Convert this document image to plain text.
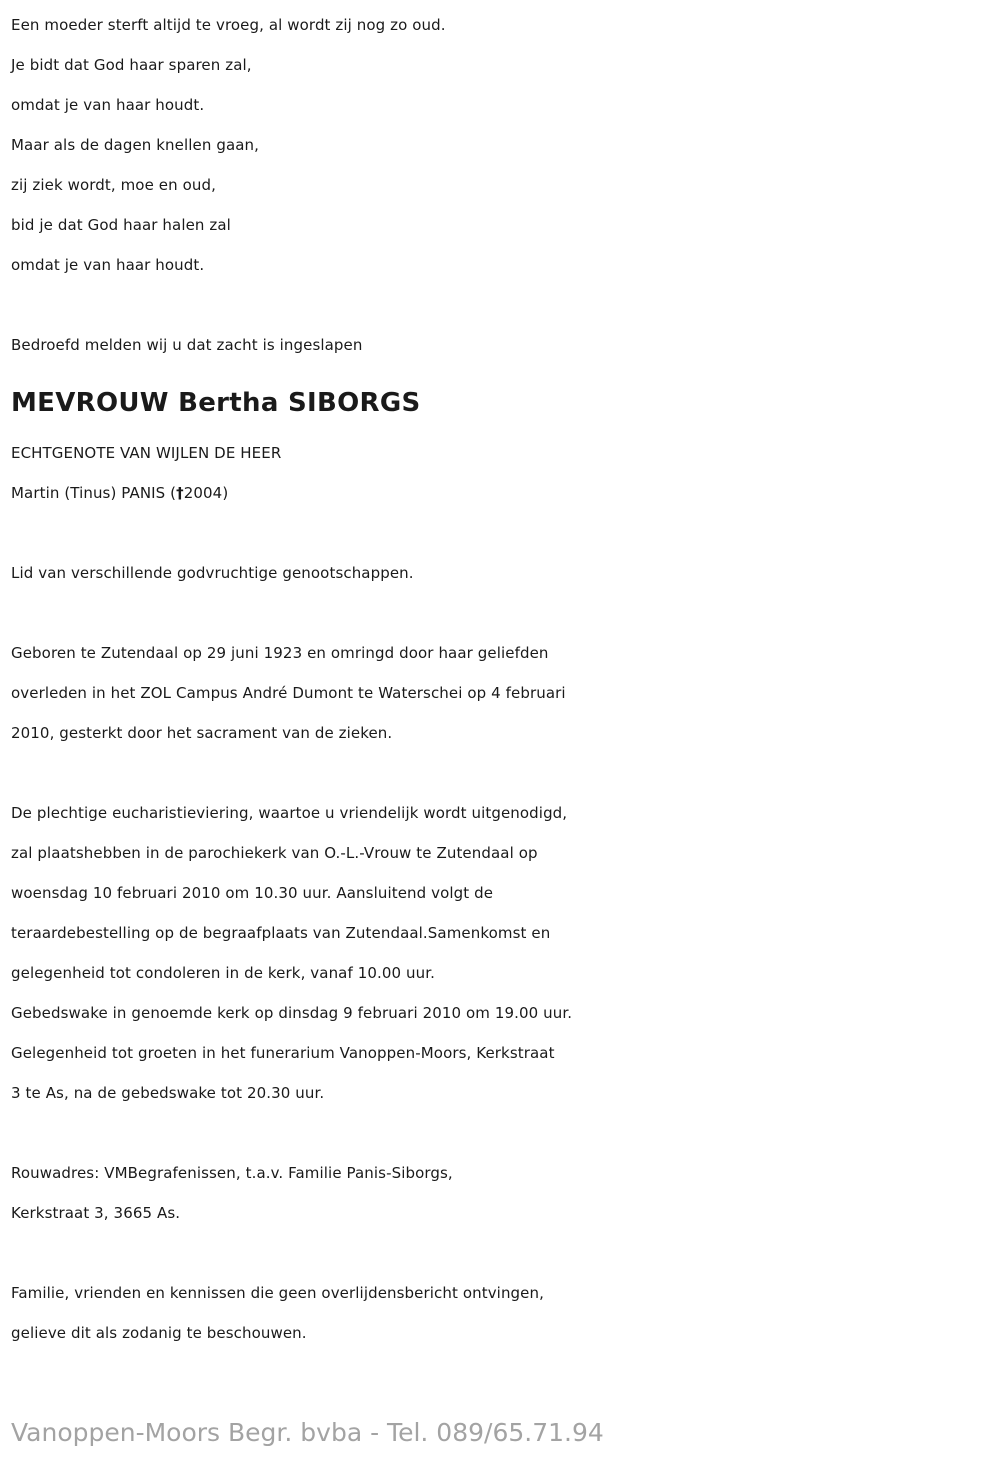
Een moeder sterft altijd te vroeg, al wordt zij nog zo oud.
Je bidt dat God haar sparen zal,
omdat je van haar houdt.
Maar als de dagen knellen gaan,
zij ziek wordt, moe en oud,
bid je dat God haar halen zal
omdat je van haar houdt.
Bedroefd melden wij u dat zacht is ingeslapen
MEVROUW Bertha SIBORGS
ECHTGENOTE VAN WIJLEN DE HEER
Martin (Tinus) PANIS (†2004)
Lid van verschillende godvruchtige genootschappen.
Geboren te Zutendaal op 29 juni 1923 en omringd door haar geliefden
overleden in het ZOL Campus André Dumont te Waterschei op 4 februari
2010, gesterkt door het sacrament van de zieken.
De plechtige eucharistieviering, waartoe u vriendelijk wordt uitgenodigd,
zal plaatshebben in de parochiekerk van O.-L.-Vrouw te Zutendaal op
woensdag 10 februari 2010 om 10.30 uur. Aansluitend volgt de
teraardebestelling op de begraafplaats van Zutendaal.Samenkomst en
gelegenheid tot condoleren in de kerk, vanaf 10.00 uur.
Gebedswake in genoemde kerk op dinsdag 9 februari 2010 om 19.00 uur.
Gelegenheid tot groeten in het funerarium Vanoppen-Moors, Kerkstraat
3 te As, na de gebedswake tot 20.30 uur.
Rouwadres: VMBegrafenissen, t.a.v. Familie Panis-Siborgs,
Kerkstraat 3, 3665 As.
Familie, vrienden en kennissen die geen overlijdensbericht ontvingen,
gelieve dit als zodanig te beschouwen.
Vanoppen-Moors Begr. bvba - Tel. 089/65.71.94
